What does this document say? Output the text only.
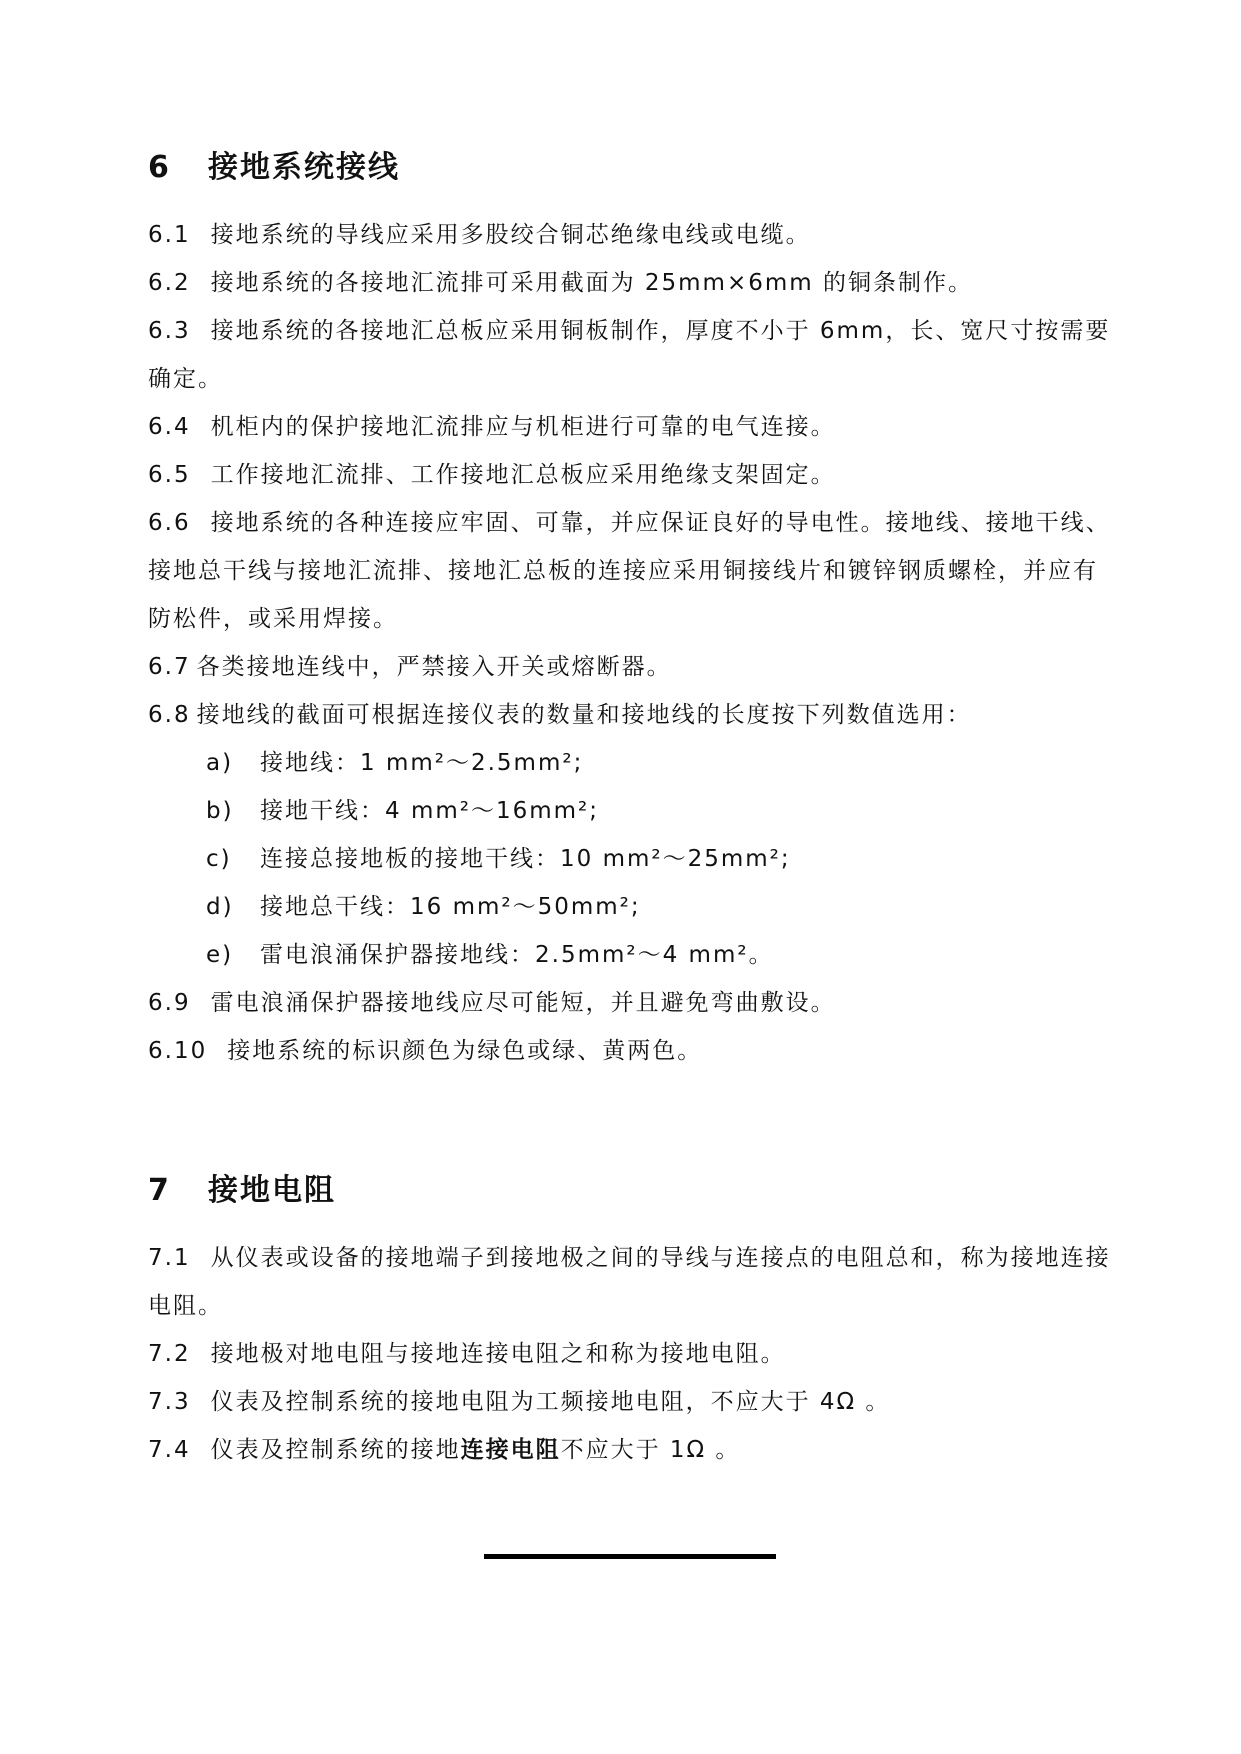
6 接地系统接线

6.1 接地系统的导线应采用多股绞合铜芯绝缘电线或电缆。

6.2 接地系统的各接地汇流排可采用截面为 25mm×6mm 的铜条制作。

6.3 接地系统的各接地汇总板应采用铜板制作，厚度不小于 6mm，长、宽尺寸按需要确定。

6.4 机柜内的保护接地汇流排应与机柜进行可靠的电气连接。

6.5 工作接地汇流排、工作接地汇总板应采用绝缘支架固定。

6.6 接地系统的各种连接应牢固、可靠，并应保证良好的导电性。接地线、接地干线、接地总干线与接地汇流排、接地汇总板的连接应采用铜接线片和镀锌钢质螺栓，并应有防松件，或采用焊接。

6.7 各类接地连线中，严禁接入开关或熔断器。

6.8 接地线的截面可根据连接仪表的数量和接地线的长度按下列数值选用：

a) 接地线：1 mm²～2.5mm²;

b) 接地干线：4 mm²～16mm²;

c) 连接总接地板的接地干线：10 mm²～25mm²;

d) 接地总干线：16 mm²～50mm²;

e) 雷电浪涌保护器接地线：2.5mm²～4 mm²。

6.9 雷电浪涌保护器接地线应尽可能短，并且避免弯曲敷设。

6.10 接地系统的标识颜色为绿色或绿、黄两色。

7 接地电阻

7.1 从仪表或设备的接地端子到接地极之间的导线与连接点的电阻总和，称为接地连接电阻。

7.2 接地极对地电阻与接地连接电阻之和称为接地电阻。

7.3 仪表及控制系统的接地电阻为工频接地电阻，不应大于 4Ω 。

7.4 仪表及控制系统的接地连接电阻不应大于 1Ω 。
